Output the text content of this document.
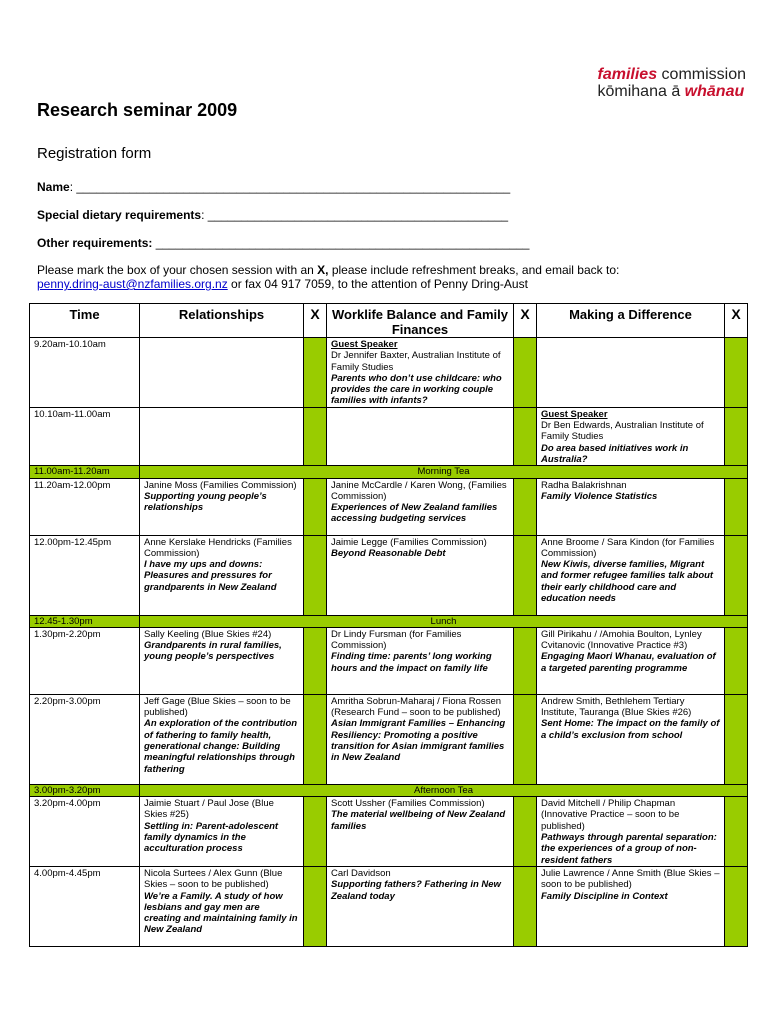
families commission
kōmihana ā whānau
Research seminar 2009
Registration form
Name: _________________________________________________________________
Special dietary requirements: _____________________________________________
Other requirements: ________________________________________________________
Please mark the box of your chosen session with an X, please include refreshment breaks, and email back to:
penny.dring-aust@nzfamilies.org.nz or fax 04 917 7059, to the attention of Penny Dring-Aust
Time	Relationships	X	Worklife Balance and Family Finances	X	Making a Difference	X
9.20am-10.10am			Guest Speaker
Dr Jennifer Baxter, Australian Institute of Family Studies
Parents who don’t use childcare: who provides the care in working couple families with infants?			
10.10am-11.00am					Guest Speaker
Dr Ben Edwards, Australian Institute of Family Studies
Do area based initiatives work in Australia?	
11.00am-11.20am	Morning Tea					
11.20am-12.00pm	Janine Moss (Families Commission)
Supporting young people’s relationships		Janine McCardle / Karen Wong, (Families Commission)
Experiences of New Zealand families accessing budgeting services		Radha Balakrishnan
Family Violence Statistics	
12.00pm-12.45pm	Anne Kerslake Hendricks (Families Commission)
I have my ups and downs: Pleasures and pressures for grandparents in New Zealand		Jaimie Legge (Families Commission)
Beyond Reasonable Debt		Anne Broome / Sara Kindon (for Families Commission)
New Kiwis, diverse families, Migrant and former refugee families talk about their early childhood care and education needs	
12.45-1.30pm	Lunch					
1.30pm-2.20pm	Sally Keeling (Blue Skies #24)
Grandparents in rural families, young people’s perspectives		Dr Lindy Fursman (for Families Commission)
Finding time: parents’ long working hours and the impact on family life		Gill Pirikahu / /Amohia Boulton, Lynley Cvitanovic (Innovative Practice #3)
Engaging Maori Whanau, evaluation of a targeted parenting programme	
2.20pm-3.00pm	Jeff Gage (Blue Skies – soon to be published)
An exploration of the contribution of fathering to family health, generational change: Building meaningful relationships through fathering		Amritha Sobrun-Maharaj / Fiona Rossen (Research Fund – soon to be published)
Asian Immigrant Families – Enhancing Resiliency: Promoting a positive transition for Asian immigrant families in New Zealand		Andrew Smith, Bethlehem Tertiary Institute, Tauranga (Blue Skies #26)
Sent Home: The impact on the family of a child’s exclusion from school	
3.00pm-3.20pm	Afternoon Tea					
3.20pm-4.00pm	Jaimie Stuart / Paul Jose (Blue Skies #25)
Settling in: Parent-adolescent family dynamics in the acculturation process		Scott Ussher (Families Commission)
The material wellbeing of New Zealand families		David Mitchell / Philip Chapman (Innovative Practice – soon to be published)
Pathways through parental separation: the experiences of a group of non-resident fathers	
4.00pm-4.45pm	Nicola Surtees / Alex Gunn (Blue Skies – soon to be published)
We’re a Family. A study of how lesbians and gay men are creating and maintaining family in New Zealand		Carl Davidson
Supporting fathers? Fathering in New Zealand today		Julie Lawrence / Anne Smith (Blue Skies – soon to be published)
Family Discipline in Context	
